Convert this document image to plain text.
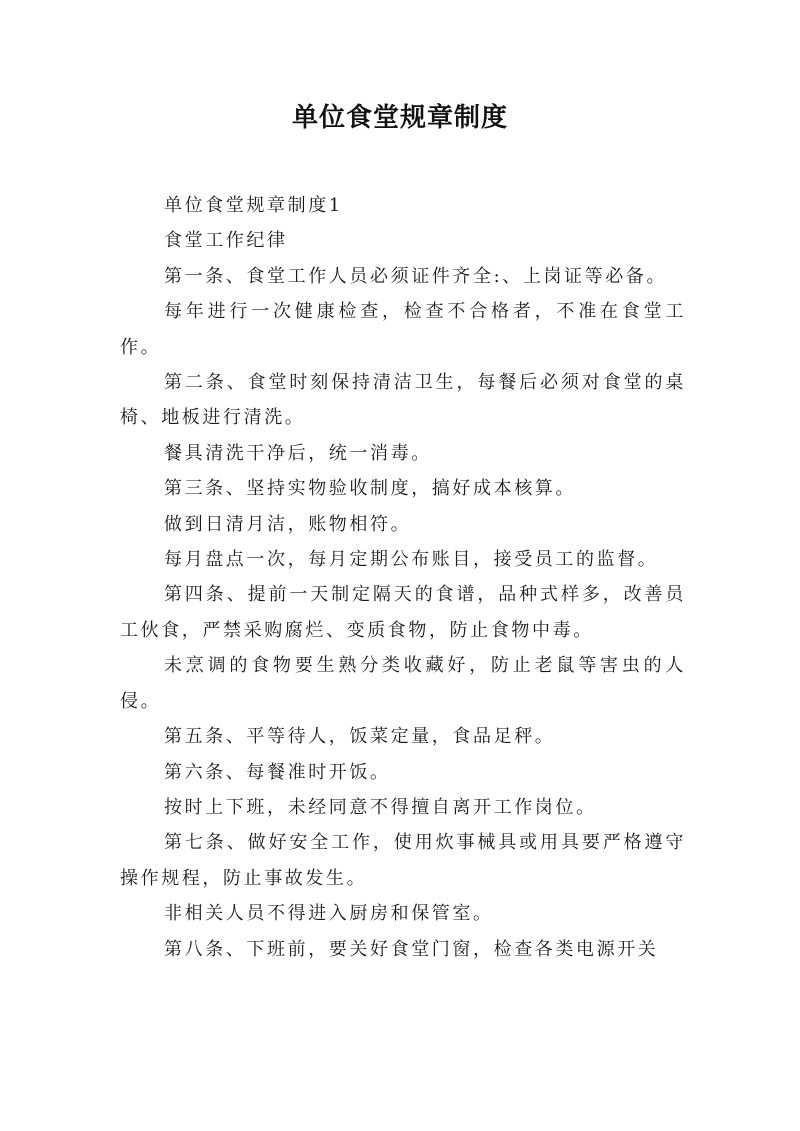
单位食堂规章制度

单位食堂规章制度1

食堂工作纪律

第一条、食堂工作人员必须证件齐全:、上岗证等必备。

每年进行一次健康检查，检查不合格者，不准在食堂工作。

第二条、食堂时刻保持清洁卫生，每餐后必须对食堂的桌椅、地板进行清洗。

餐具清洗干净后，统一消毒。

第三条、坚持实物验收制度，搞好成本核算。

做到日清月洁，账物相符。

每月盘点一次，每月定期公布账目，接受员工的监督。

第四条、提前一天制定隔天的食谱，品种式样多，改善员工伙食，严禁采购腐烂、变质食物，防止食物中毒。

未烹调的食物要生熟分类收藏好，防止老鼠等害虫的人侵。

第五条、平等待人，饭菜定量，食品足秤。

第六条、每餐准时开饭。

按时上下班，未经同意不得擅自离开工作岗位。

第七条、做好安全工作，使用炊事械具或用具要严格遵守操作规程，防止事故发生。

非相关人员不得进入厨房和保管室。

第八条、下班前，要关好食堂门窗，检查各类电源开关
